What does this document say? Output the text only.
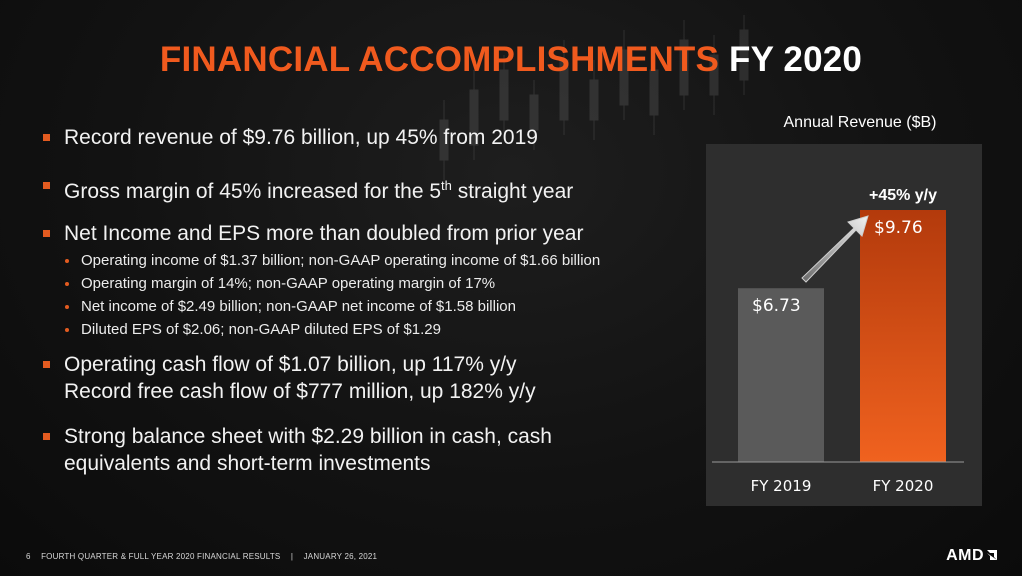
FINANCIAL ACCOMPLISHMENTS FY 2020
Record revenue of $9.76 billion, up 45% from 2019
Gross margin of 45% increased for the 5th straight year
Net Income and EPS more than doubled from prior year
Operating income of $1.37 billion; non-GAAP operating income of $1.66 billion
Operating margin of 14%; non-GAAP operating margin of 17%
Net income of $2.49 billion; non-GAAP net income of $1.58 billion
Diluted EPS of $2.06; non-GAAP diluted EPS of $1.29
Operating cash flow of $1.07 billion, up 117% y/y
Record free cash flow of $777 million, up 182% y/y
Strong balance sheet with $2.29 billion in cash, cash
equivalents and short-term investments
Annual Revenue ($B)
+45% y/y
$6.73
FY 2019
$9.76
FY 2020
6 FOURTH QUARTER & FULL YEAR 2020 FINANCIAL RESULTS | JANUARY 26, 2021	AMD
